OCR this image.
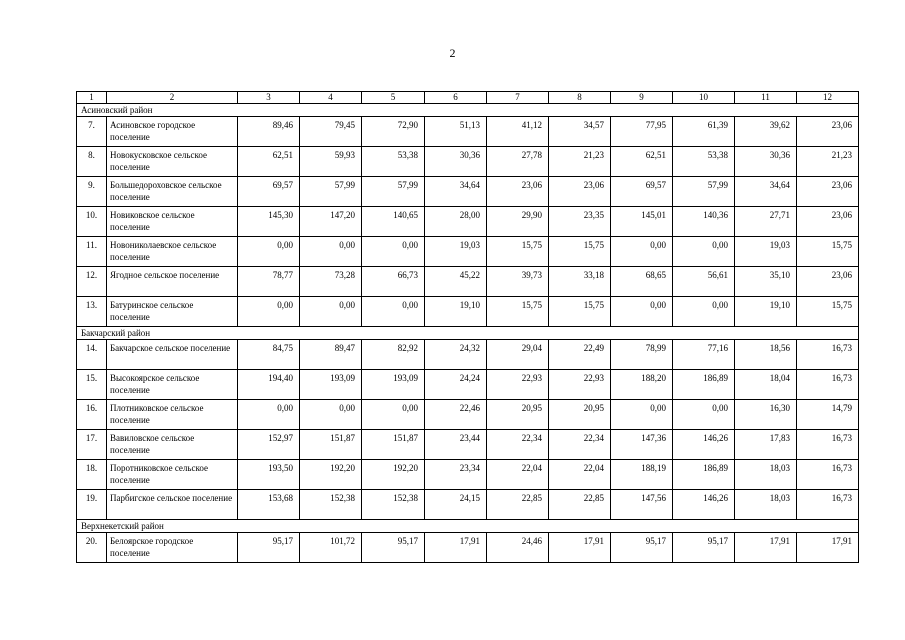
2
1	2	3	4	5	6	7	8	9	10	11	12
Асиновский район											
7.	Асиновское городское поселение	89,46	79,45	72,90	51,13	41,12	34,57	77,95	61,39	39,62	23,06
8.	Новокусковское сельское поселение	62,51	59,93	53,38	30,36	27,78	21,23	62,51	53,38	30,36	21,23
9.	Большедороховское сельское поселение	69,57	57,99	57,99	34,64	23,06	23,06	69,57	57,99	34,64	23,06
10.	Новиковское сельское поселение	145,30	147,20	140,65	28,00	29,90	23,35	145,01	140,36	27,71	23,06
11.	Новониколаевское сельское поселение	0,00	0,00	0,00	19,03	15,75	15,75	0,00	0,00	19,03	15,75
12.	Ягодное сельское поселение	78,77	73,28	66,73	45,22	39,73	33,18	68,65	56,61	35,10	23,06
13.	Батуринское сельское поселение	0,00	0,00	0,00	19,10	15,75	15,75	0,00	0,00	19,10	15,75
Бакчарский район											
14.	Бакчарское сельское поселение	84,75	89,47	82,92	24,32	29,04	22,49	78,99	77,16	18,56	16,73
15.	Высокоярское сельское поселение	194,40	193,09	193,09	24,24	22,93	22,93	188,20	186,89	18,04	16,73
16.	Плотниковское сельское поселение	0,00	0,00	0,00	22,46	20,95	20,95	0,00	0,00	16,30	14,79
17.	Вавиловское сельское поселение	152,97	151,87	151,87	23,44	22,34	22,34	147,36	146,26	17,83	16,73
18.	Поротниковское сельское поселение	193,50	192,20	192,20	23,34	22,04	22,04	188,19	186,89	18,03	16,73
19.	Парбигское сельское поселение	153,68	152,38	152,38	24,15	22,85	22,85	147,56	146,26	18,03	16,73
Верхнекетский район											
20.	Белоярское городское поселение	95,17	101,72	95,17	17,91	24,46	17,91	95,17	95,17	17,91	17,91
